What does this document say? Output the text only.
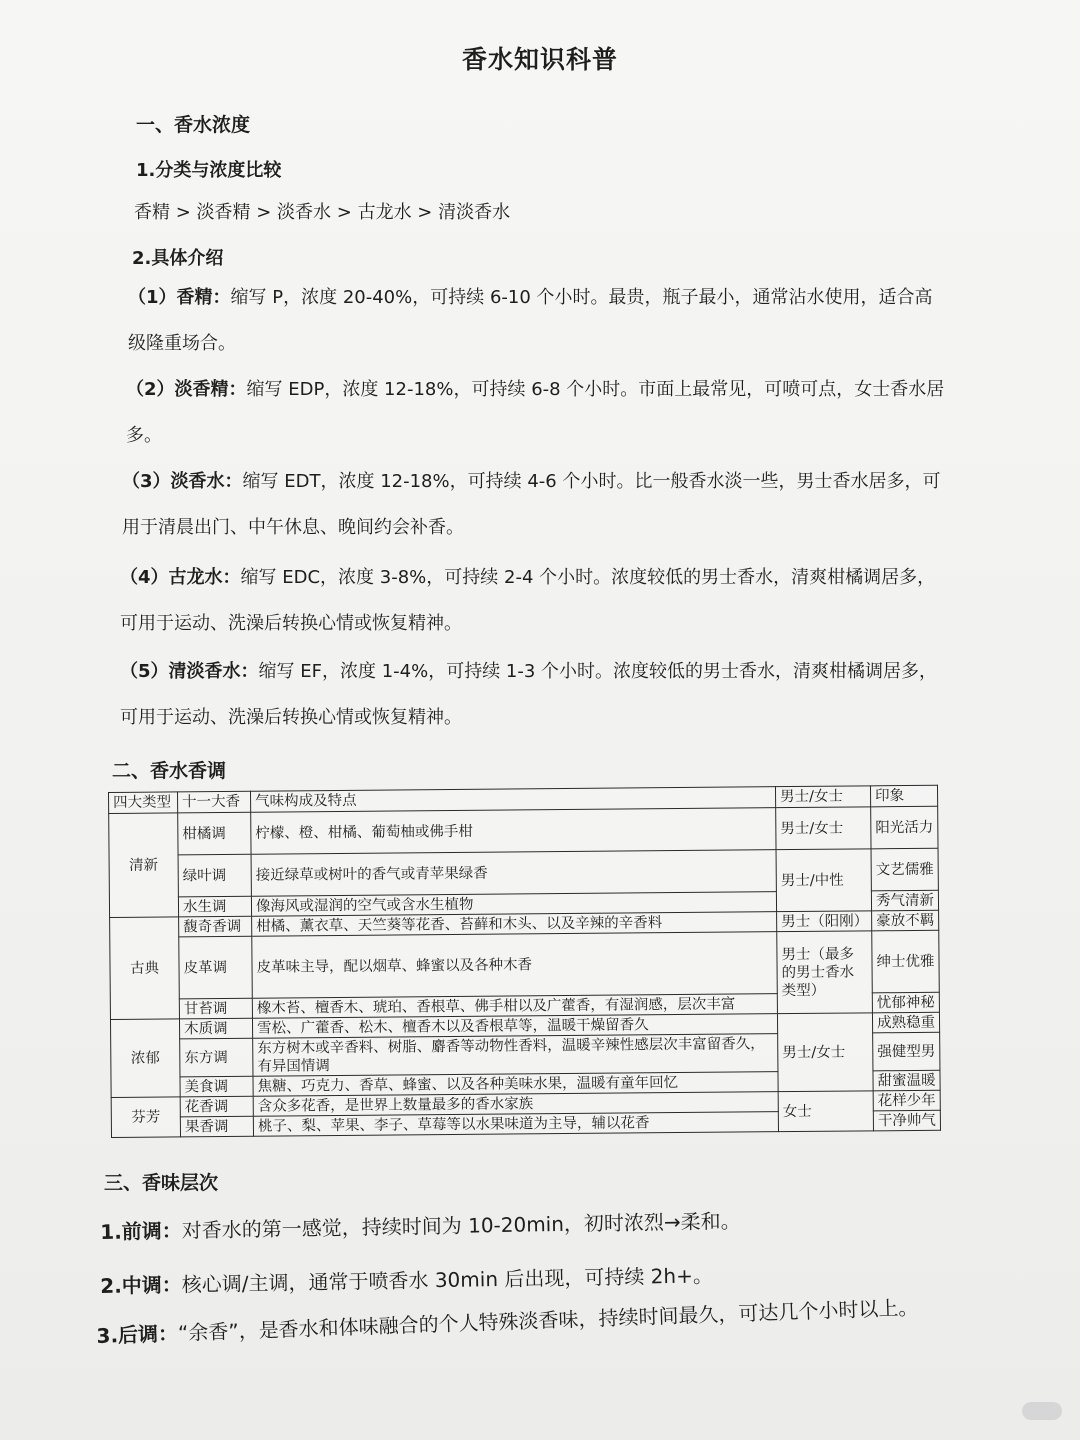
香水知识科普
一、香水浓度
1.分类与浓度比较
香精 > 淡香精 > 淡香水 > 古龙水 > 清淡香水
2.具体介绍
（1）香精：缩写 P，浓度 20-40%，可持续 6-10 个小时。最贵，瓶子最小，通常沾水使用，适合高级隆重场合。
（2）淡香精：缩写 EDP，浓度 12-18%，可持续 6-8 个小时。市面上最常见，可喷可点，女士香水居多。
（3）淡香水：缩写 EDT，浓度 12-18%，可持续 4-6 个小时。比一般香水淡一些，男士香水居多，可用于清晨出门、中午休息、晚间约会补香。
（4）古龙水：缩写 EDC，浓度 3-8%，可持续 2-4 个小时。浓度较低的男士香水，清爽柑橘调居多，可用于运动、洗澡后转换心情或恢复精神。
（5）清淡香水：缩写 EF，浓度 1-4%，可持续 1-3 个小时。浓度较低的男士香水，清爽柑橘调居多，可用于运动、洗澡后转换心情或恢复精神。
二、香水香调
四大类型	十一大香	气味构成及特点	男士/女士	印象
清新	柑橘调	柠檬、橙、柑橘、葡萄柚或佛手柑	男士/女士	阳光活力
	绿叶调	接近绿草或树叶的香气或青苹果绿香	男士/中性	文艺儒雅
	水生调	像海风或湿润的空气或含水生植物		秀气清新
古典	馥奇香调	柑橘、薰衣草、天竺葵等花香、苔藓和木头、以及辛辣的辛香料	男士（阳刚）	豪放不羁
	皮革调	皮革味主导，配以烟草、蜂蜜以及各种木香	男士（最多的男士香水类型）	绅士优雅
	甘苔调	橡木苔、檀香木、琥珀、香根草、佛手柑以及广藿香，有湿润感，层次丰富		忧郁神秘
浓郁	木质调	雪松、广藿香、松木、檀香木以及香根草等，温暖干燥留香久	男士/女士	成熟稳重
	东方调	东方树木或辛香料、树脂、麝香等动物性香料，温暖辛辣性感层次丰富留香久，有异国情调		强健型男
	美食调	焦糖、巧克力、香草、蜂蜜、以及各种美味水果，温暖有童年回忆		甜蜜温暖
芬芳	花香调	含众多花香，是世界上数量最多的香水家族	女士	花样少年
	果香调	桃子、梨、苹果、李子、草莓等以水果味道为主导，辅以花香		干净帅气
三、香味层次
1.前调：对香水的第一感觉，持续时间为 10-20min，初时浓烈→柔和。
2.中调：核心调/主调，通常于喷香水 30min 后出现，可持续 2h+。
3.后调：“余香”，是香水和体味融合的个人特殊淡香味，持续时间最久，可达几个小时以上。
